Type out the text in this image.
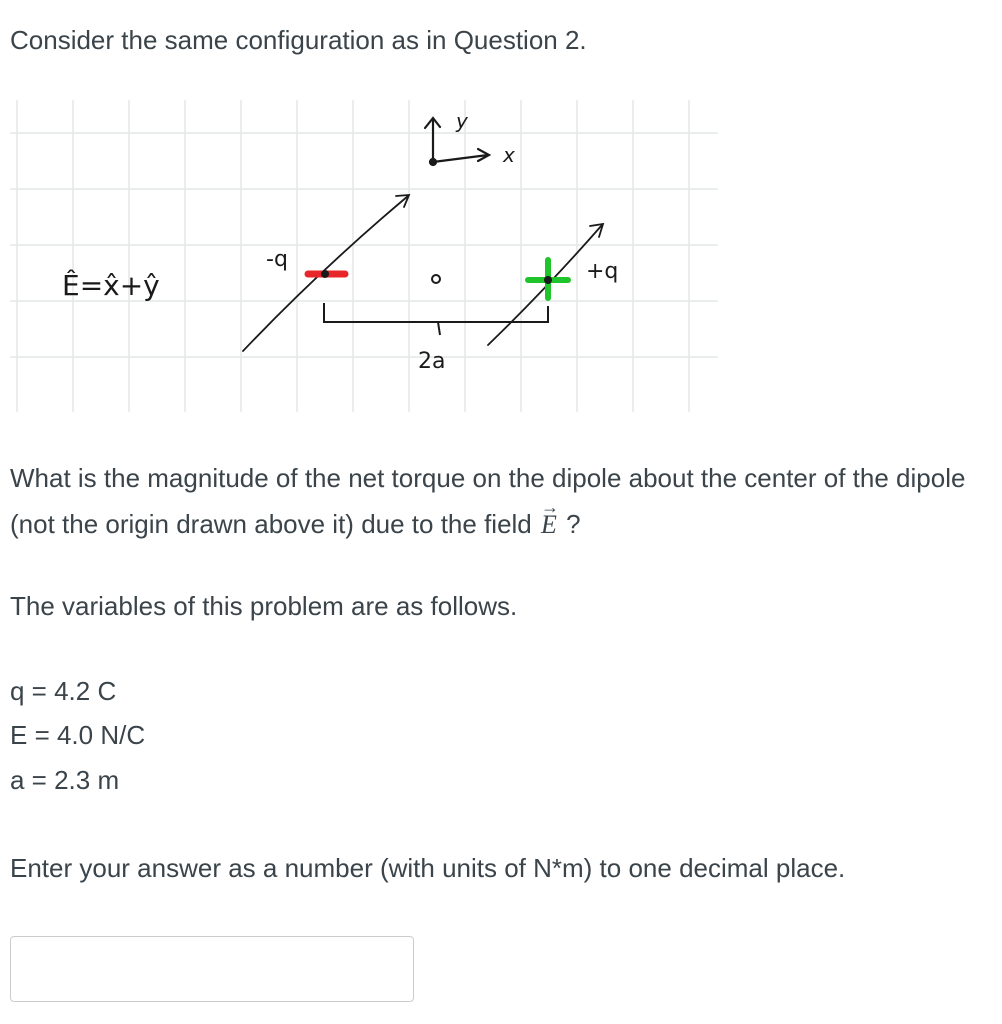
Consider the same configuration as in Question 2.
y
x
Ê=x̂+ŷ
2a
-q	+q
What is the magnitude of the net torque on the dipole about the center of the dipole (not the origin drawn above it) due to the field → E ?
The variables of this problem are as follows.
q = 4.2 C
E = 4.0 N/C
a = 2.3 m
Enter your answer as a number (with units of N*m) to one decimal place.
